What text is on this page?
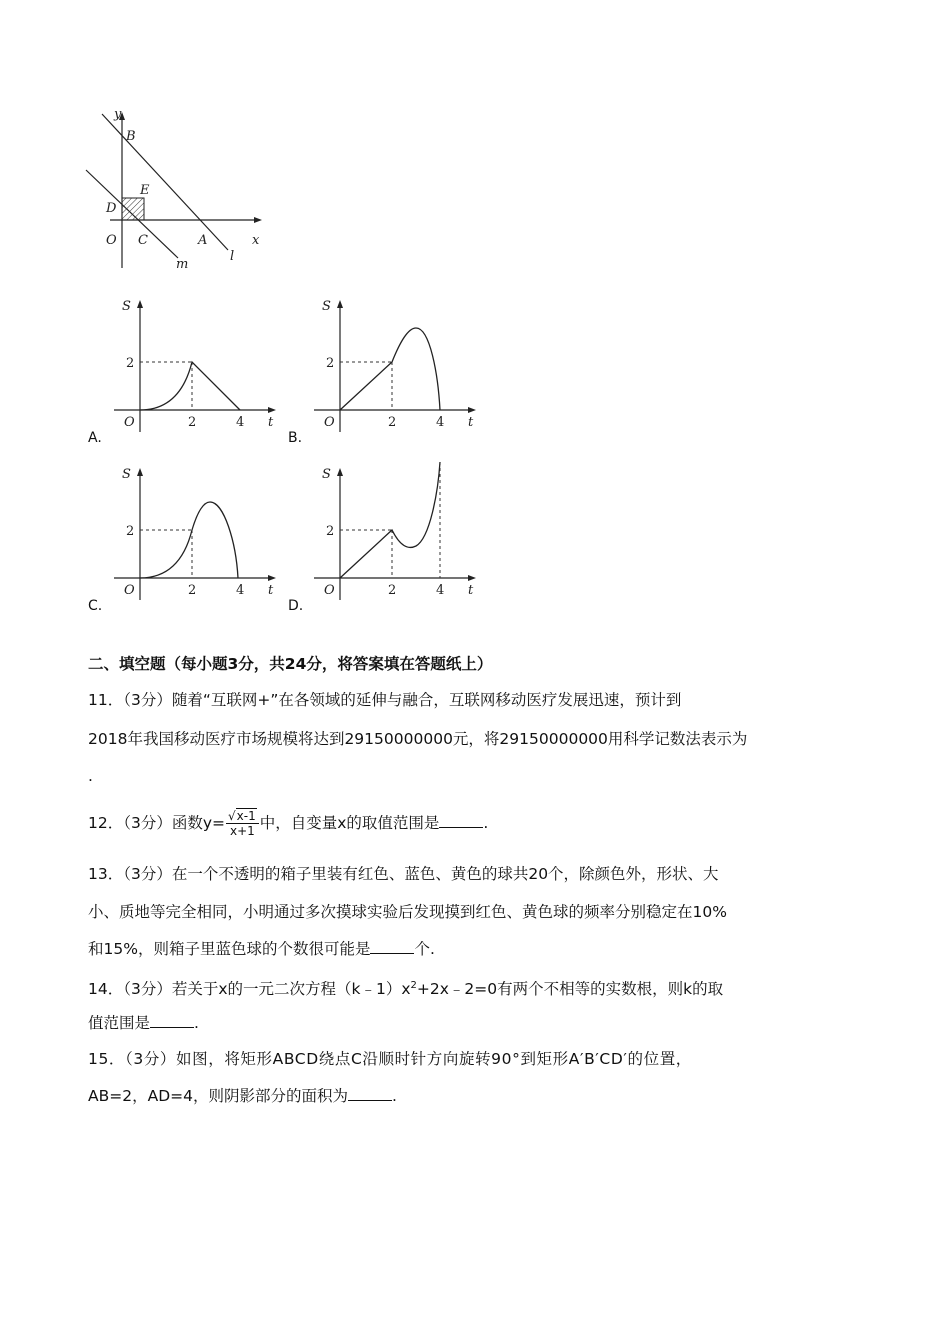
y
B
E
D
O C	A	x
l
m
S
2
O	2	4 t
A.
S
2
O	2	4 t
B.
S
2
O	2	4 t
C.
S
2
O	2	4 t
D.
二、填空题（每小题3分，共24分，将答案填在答题纸上）
11．（3分）随着“互联网+”在各领域的延伸与融合，互联网移动医疗发展迅速，预计到
2018年我国移动医疗市场规模将达到29150000000元，将29150000000用科学记数法表示为
.
12．（3分）函数$y= \frac{√x-1}{x+1}$ 中，自变量x的取值范围是	.
13．（3分）在一个不透明的箱子里装有红色、蓝色、黄色的球共20个，除颜色外，形状、大
小、质地等完全相同，小明通过多次摸球实验后发现摸到红色、黄色球的频率分别稳定在10%
和15%，则箱子里蓝色球的个数很可能是	个.
14．（3分）若关于x的一元二次方程$(k﹣1)x^2+2x﹣2=0$有两个不相等的实数根，则k的取
值范围是	.
15．（3分）如图，将矩形ABCD绕点C沿顺时针方向旋转90°到矩形A′B′CD′的位置，
AB=2，AD=4，则阴影部分的面积为	.
